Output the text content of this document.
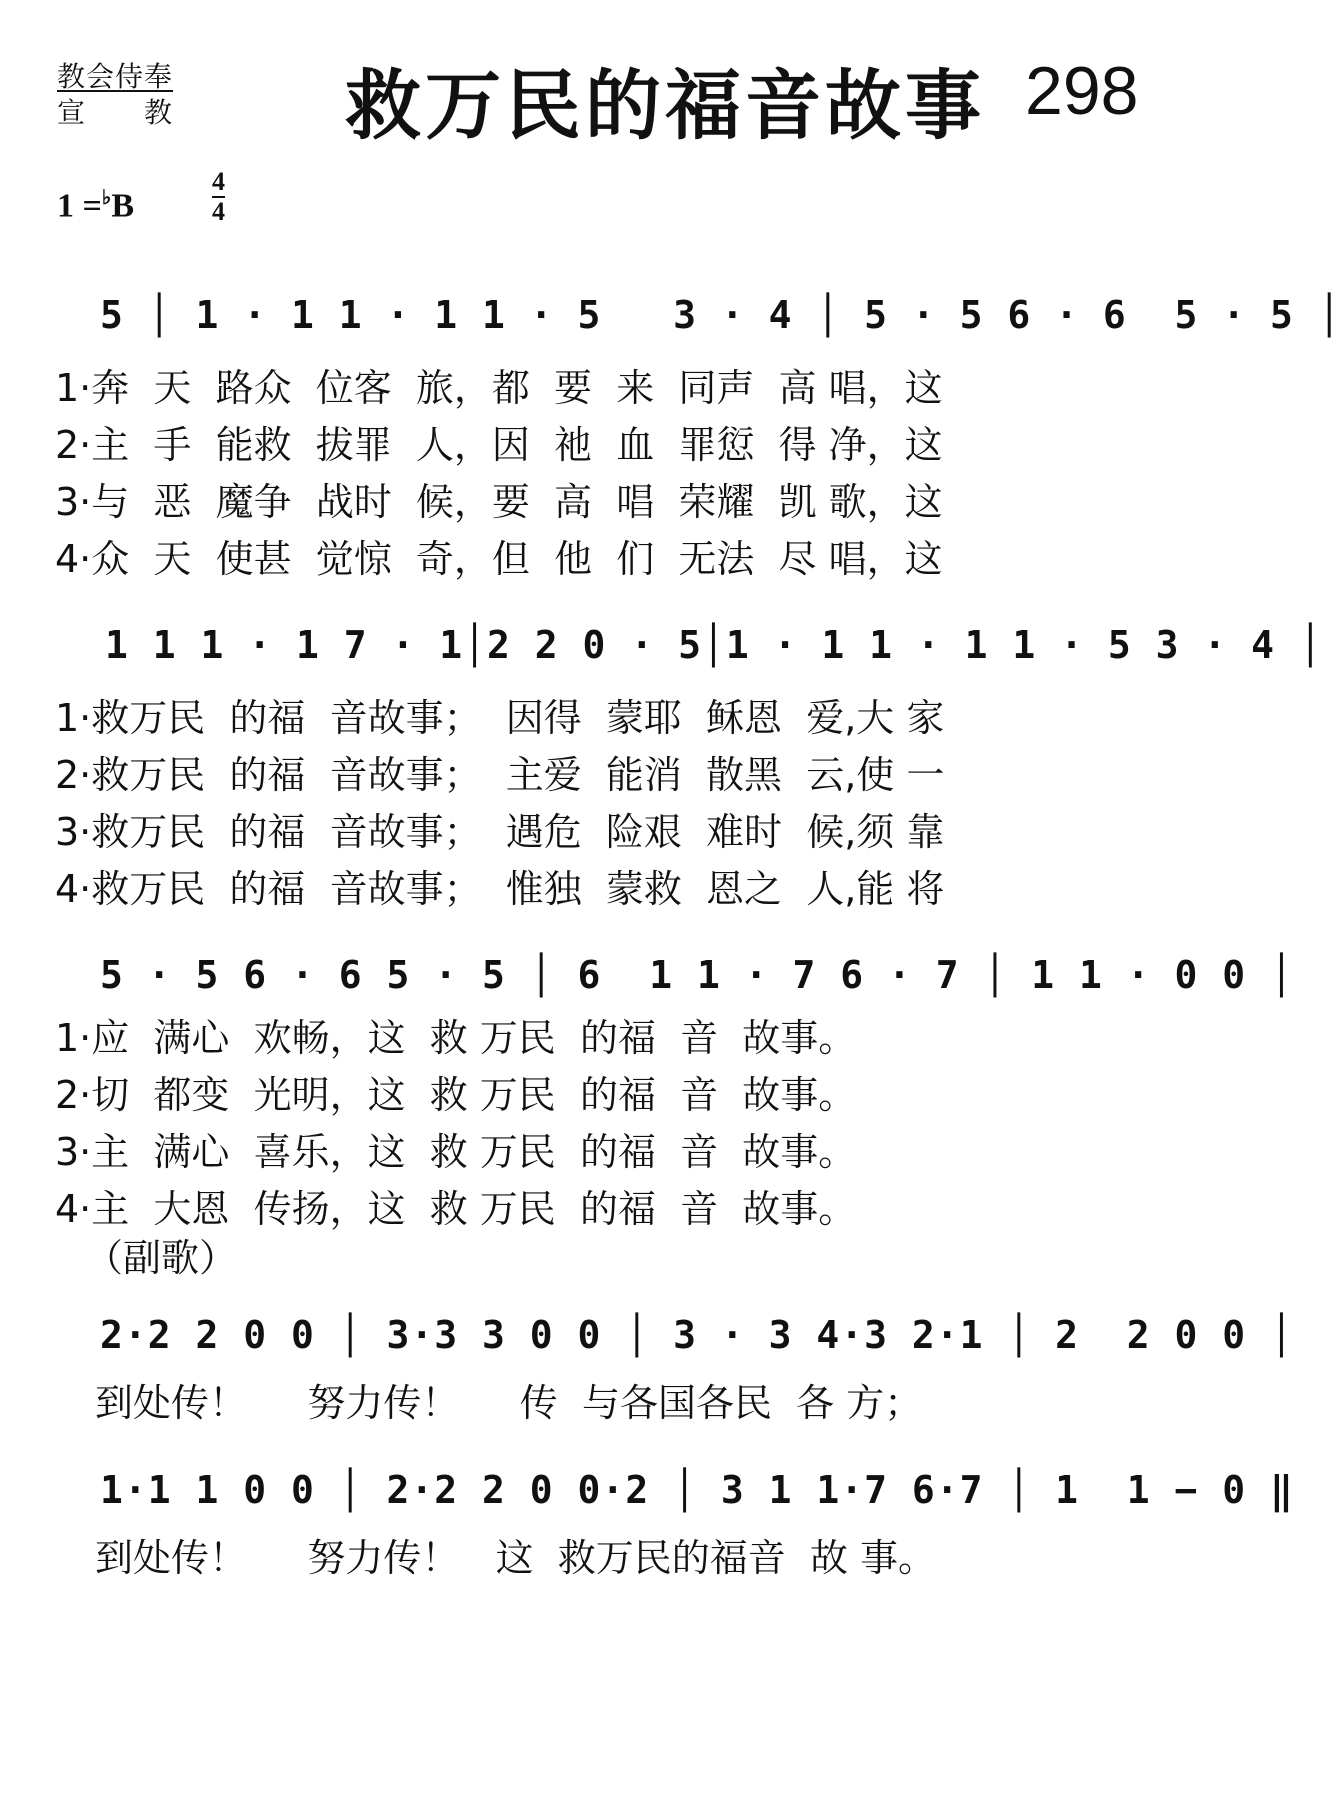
教会侍奉
宣　　教 救万民的福音故事 298
1 =♭B
4
4
5 │ 1 · 1 1 · 1 1 · 5   3 · 4 │ 5 · 5 6 · 6  5 · 5 │
1·奔  天  路众  位客  旅，都  要  来  同声  高 唱，这
2·主  手  能救  拔罪  人，因  祂  血  罪愆  得 净，这
3·与  恶  魔争  战时  候，要  高  唱  荣耀  凯 歌，这
4·众  天  使甚  觉惊  奇，但  他  们  无法  尽 唱，这
1 1 1 · 1 7 · 1│2 2 0 · 5│1 · 1 1 · 1 1 · 5 3 · 4 │
1·救万民  的福  音故事；  因得  蒙耶  稣恩  爱,大 家
2·救万民  的福  音故事；  主爱  能消  散黑  云,使 一
3·救万民  的福  音故事；  遇危  险艰  难时  候,须 靠
4·救万民  的福  音故事；  惟独  蒙救  恩之  人,能 将
5 · 5 6 · 6 5 · 5 │ 6  1 1 · 7 6 · 7 │ 1 1 · 0 0 │
1·应  满心  欢畅，这  救 万民  的福  音  故事。
2·切  都变  光明，这  救 万民  的福  音  故事。
3·主  满心  喜乐，这  救 万民  的福  音  故事。
4·主  大恩  传扬，这  救 万民  的福  音  故事。
（副歌）
2·2 2 0 0 │ 3·3 3 0 0 │ 3 · 3 4·3 2·1 │ 2  2 0 0 │
到处传！     努力传！     传  与各国各民  各 方；
1·1 1 0 0 │ 2·2 2 0 0·2 │ 3 1 1·7 6·7 │ 1  1 − 0 ‖
到处传！     努力传！   这  救万民的福音  故 事。
